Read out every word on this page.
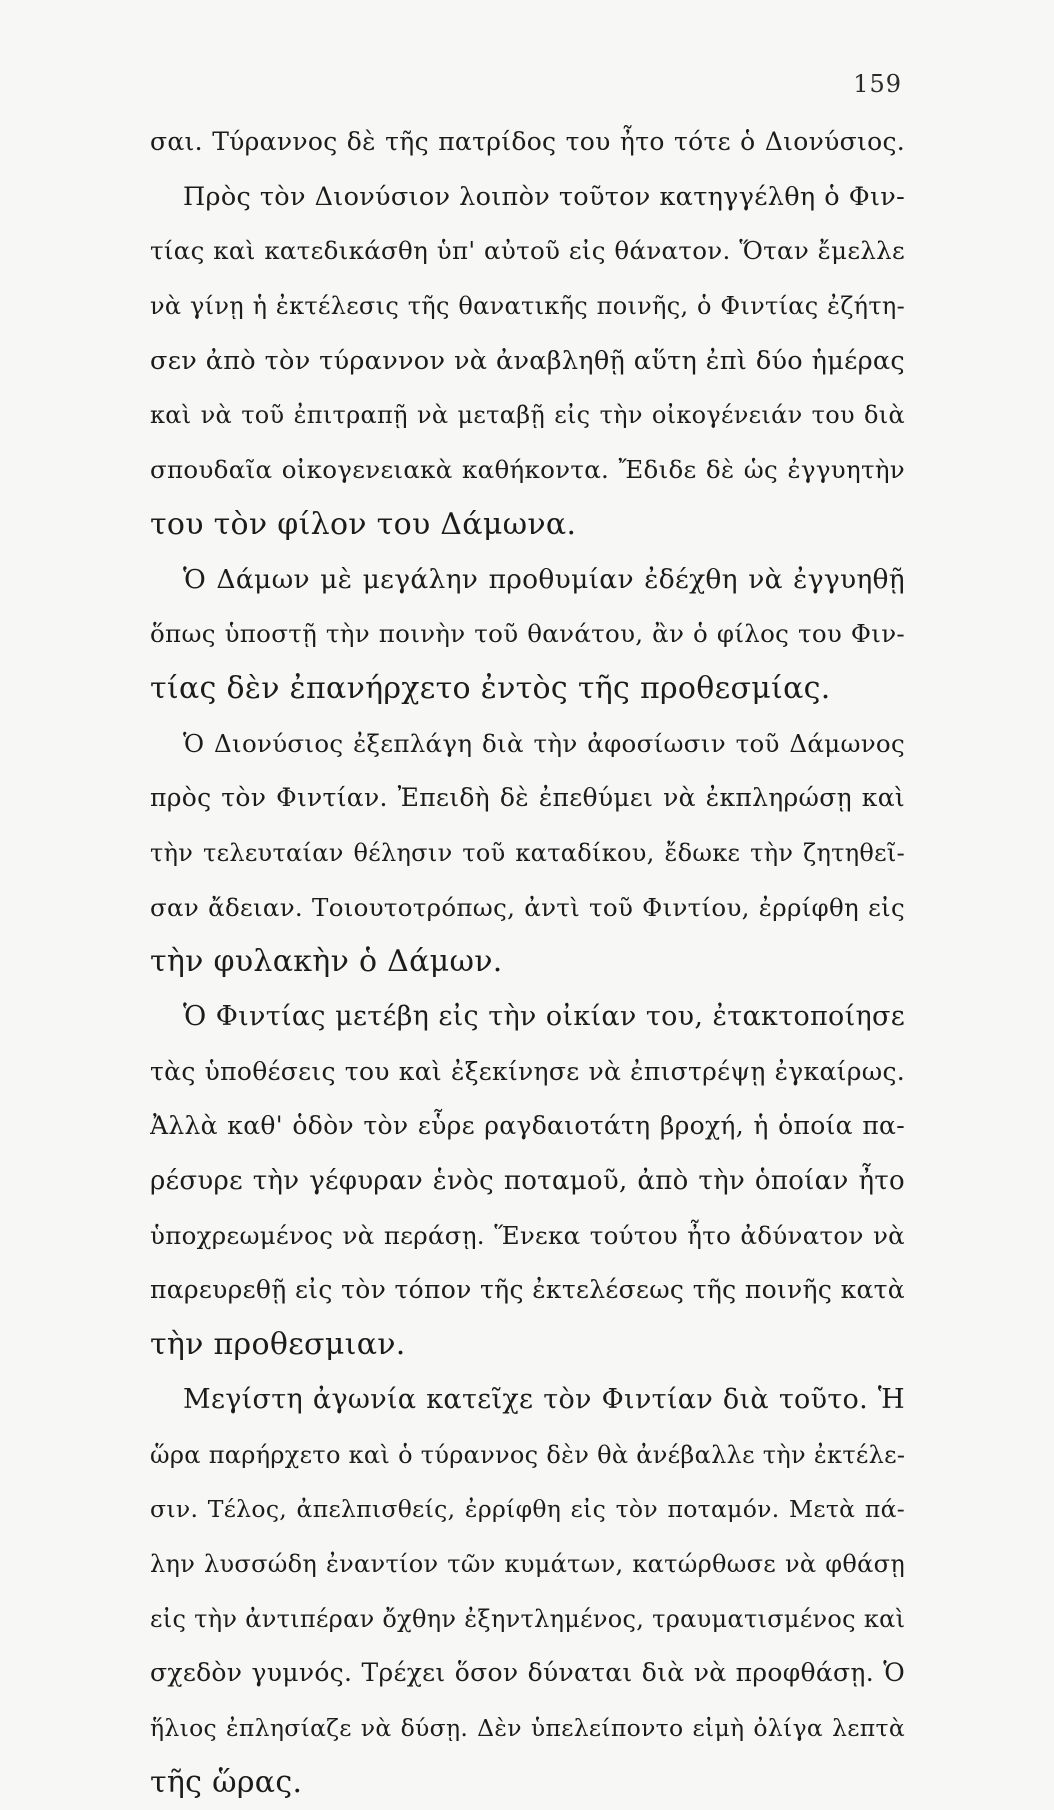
159
σαι. Τύραννος δὲ τῆς πατρίδος του ἦτο τότε ὁ Διονύσιος.
Πρὸς τὸν Διονύσιον λοιπὸν τοῦτον κατηγγέλθη ὁ Φιν-
τίας καὶ κατεδικάσθη ὑπ' αὐτοῦ εἰς θάνατον. Ὅταν ἔμελλε
νὰ γίνῃ ἡ ἐκτέλεσις τῆς θανατικῆς ποινῆς, ὁ Φιντίας ἐζήτη-
σεν ἀπὸ τὸν τύραννον νὰ ἀναβληθῇ αὕτη ἐπὶ δύο ἡμέρας
καὶ νὰ τοῦ ἐπιτραπῇ νὰ μεταβῇ εἰς τὴν οἰκογένειάν του διὰ
σπουδαῖα οἰκογενειακὰ καθήκοντα. Ἔδιδε δὲ ὡς ἐγγυητὴν
του τὸν φίλον του Δάμωνα.
Ὁ Δάμων μὲ μεγάλην προθυμίαν ἐδέχθη νὰ ἐγγυηθῇ
ὅπως ὑποστῇ τὴν ποινὴν τοῦ θανάτου, ἂν ὁ φίλος του Φιν-
τίας δὲν ἐπανήρχετο ἐντὸς τῆς προθεσμίας.
Ὁ Διονύσιος ἐξεπλάγη διὰ τὴν ἀφοσίωσιν τοῦ Δάμωνος
πρὸς τὸν Φιντίαν. Ἐπειδὴ δὲ ἐπεθύμει νὰ ἐκπληρώσῃ καὶ
τὴν τελευταίαν θέλησιν τοῦ καταδίκου, ἔδωκε τὴν ζητηθεῖ-
σαν ἄδειαν. Τοιουτοτρόπως, ἀντὶ τοῦ Φιντίου, ἐρρίφθη εἰς
τὴν φυλακὴν ὁ Δάμων.
Ὁ Φιντίας μετέβη εἰς τὴν οἰκίαν του, ἐτακτοποίησε
τὰς ὑποθέσεις του καὶ ἐξεκίνησε νὰ ἐπιστρέψῃ ἐγκαίρως.
Ἀλλὰ καθ' ὁδὸν τὸν εὗρε ραγδαιοτάτη βροχή, ἡ ὁποία πα-
ρέσυρε τὴν γέφυραν ἑνὸς ποταμοῦ, ἀπὸ τὴν ὁποίαν ἦτο
ὑποχρεωμένος νὰ περάσῃ. Ἕνεκα τούτου ἦτο ἀδύνατον νὰ
παρευρεθῇ εἰς τὸν τόπον τῆς ἐκτελέσεως τῆς ποινῆς κατὰ
τὴν προθεσμιαν.
Μεγίστη ἀγωνία κατεῖχε τὸν Φιντίαν διὰ τοῦτο. Ἡ
ὥρα παρήρχετο καὶ ὁ τύραννος δὲν θὰ ἀνέβαλλε τὴν ἐκτέλε-
σιν. Τέλος, ἀπελπισθείς, ἐρρίφθη εἰς τὸν ποταμόν. Μετὰ πά-
λην λυσσώδη ἐναντίον τῶν κυμάτων, κατώρθωσε νὰ φθάσῃ
εἰς τὴν ἀντιπέραν ὄχθην ἐξηντλημένος, τραυματισμένος καὶ
σχεδὸν γυμνός. Τρέχει ὅσον δύναται διὰ νὰ προφθάσῃ. Ὁ
ἥλιος ἐπλησίαζε νὰ δύσῃ. Δὲν ὑπελείποντο εἰμὴ ὀλίγα λεπτὰ
τῆς ὥρας.
